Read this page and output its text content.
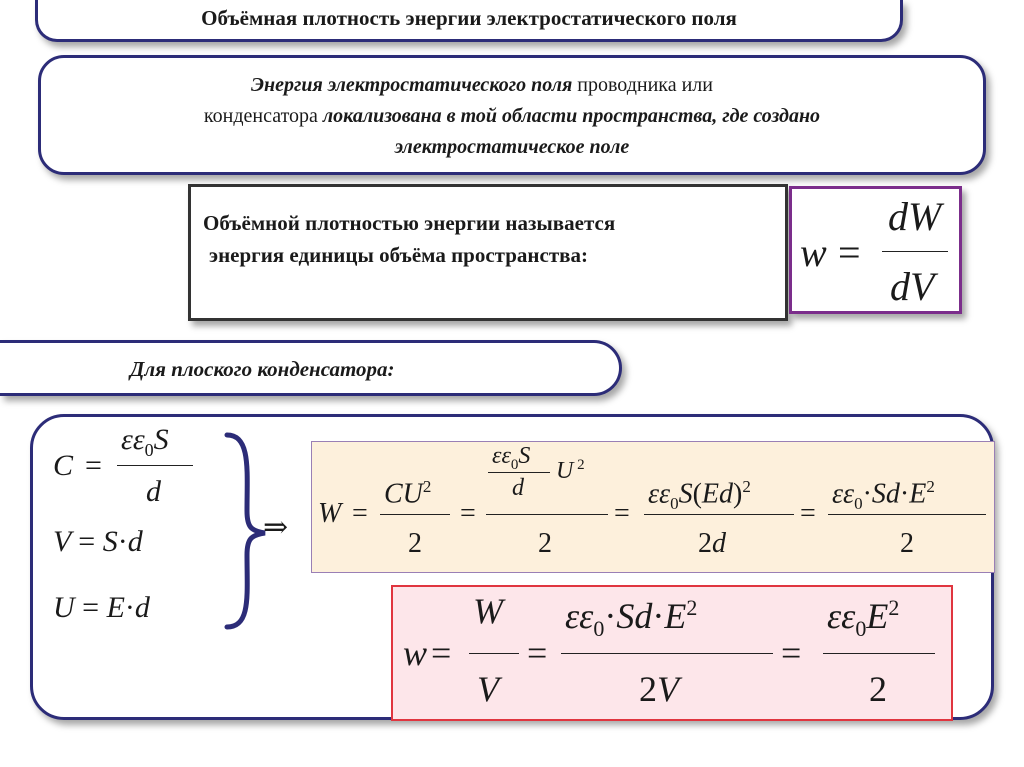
Объёмная плотность энергии электростатического поля
Энергия электростатического поля проводника или
конденсатора локализована в той области пространства, где создано
электростатическое поле
Объёмной плотностью энергии называется
энергия единицы объёма пространства:	w =
dW
dV
Для плоского конденсатора:
C =
$\varepsilon\varepsilon_0S$
d
V = S·d
U = E·d
⇒ W =
$CU^2$
2
=
$\varepsilon\varepsilon_0S$
d
U $^2$
2
=
$\varepsilon\varepsilon_0S(Ed)^2$
2d
=
$\varepsilon\varepsilon_0\cdot Sd\cdot E^2$
2
w =
W
V
=
$\varepsilon\varepsilon_0\cdot Sd\cdot E^2$
2V
=
$\varepsilon\varepsilon_0E^2$
2
